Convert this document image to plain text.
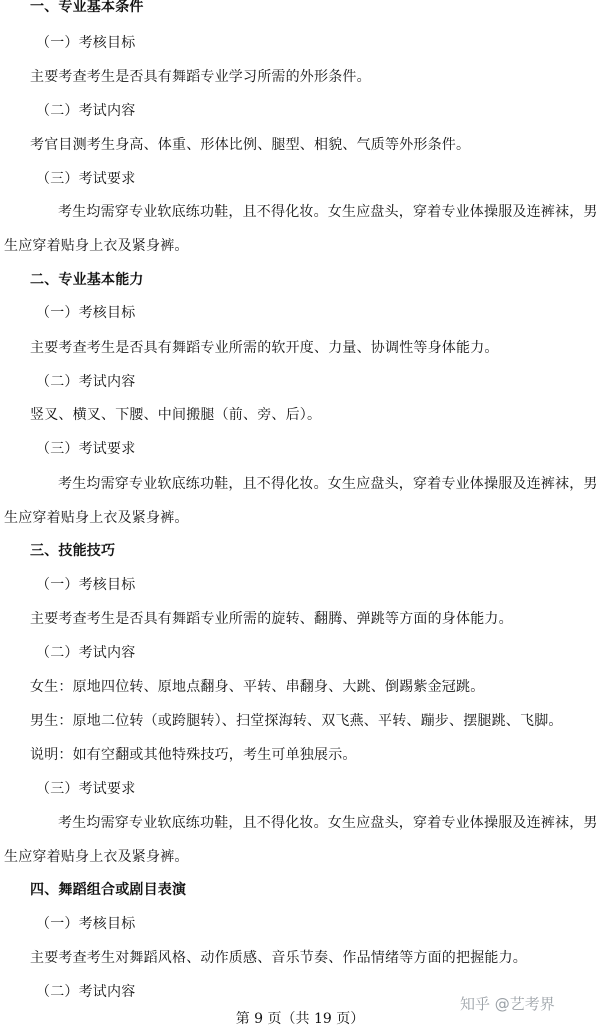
一、专业基本条件
（一）考核目标
主要考查考生是否具有舞蹈专业学习所需的外形条件。
（二）考试内容
考官目测考生身高、体重、形体比例、腿型、相貌、气质等外形条件。
（三）考试要求
考生均需穿专业软底练功鞋，且不得化妆。女生应盘头，穿着专业体操服及连裤袜，男
生应穿着贴身上衣及紧身裤。
二、专业基本能力
（一）考核目标
主要考查考生是否具有舞蹈专业所需的软开度、力量、协调性等身体能力。
（二）考试内容
竖叉、横叉、下腰、中间搬腿（前、旁、后）。
（三）考试要求
考生均需穿专业软底练功鞋，且不得化妆。女生应盘头，穿着专业体操服及连裤袜，男
生应穿着贴身上衣及紧身裤。
三、技能技巧
（一）考核目标
主要考查考生是否具有舞蹈专业所需的旋转、翻腾、弹跳等方面的身体能力。
（二）考试内容
女生：原地四位转、原地点翻身、平转、串翻身、大跳、倒踢紫金冠跳。
男生：原地二位转（或跨腿转）、扫堂探海转、双飞燕、平转、蹦步、摆腿跳、飞脚。
说明：如有空翻或其他特殊技巧，考生可单独展示。
（三）考试要求
考生均需穿专业软底练功鞋，且不得化妆。女生应盘头，穿着专业体操服及连裤袜，男
生应穿着贴身上衣及紧身裤。
四、舞蹈组合或剧目表演
（一）考核目标
主要考查考生对舞蹈风格、动作质感、音乐节奏、作品情绪等方面的把握能力。
（二）考试内容
知乎 @艺考界
第 9 页（共 19 页）
